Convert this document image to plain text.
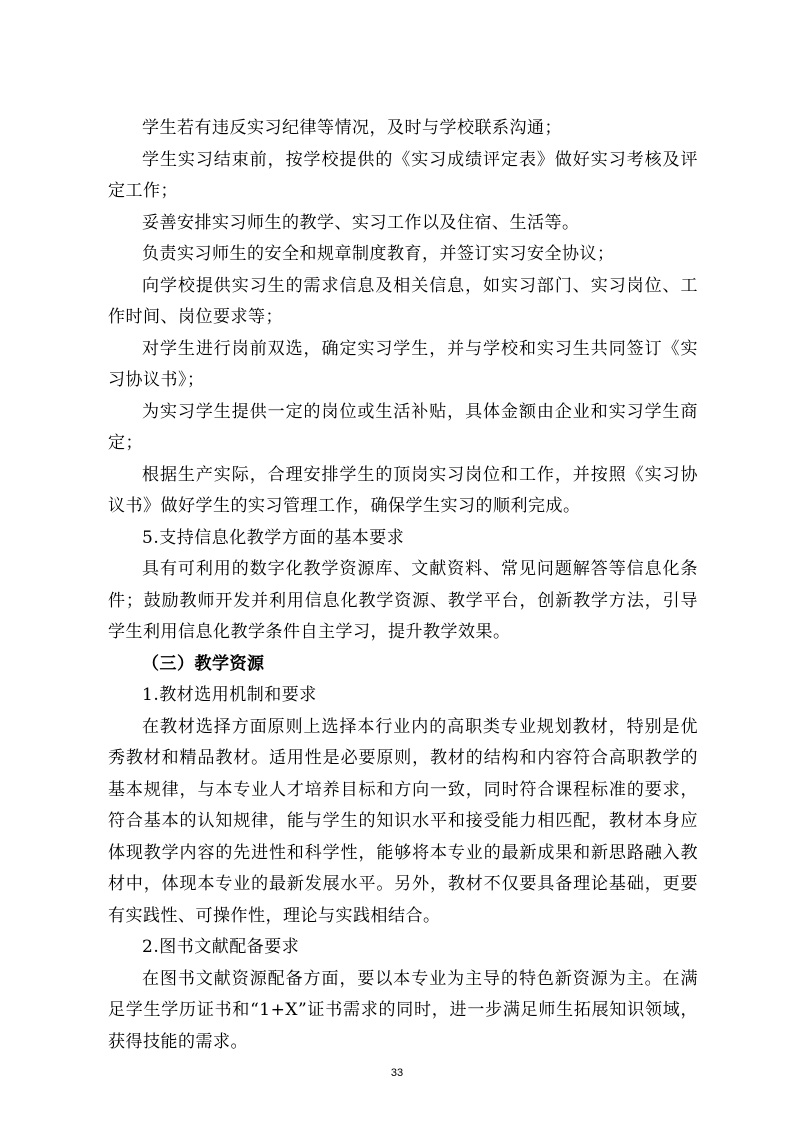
学生若有违反实习纪律等情况，及时与学校联系沟通；

学生实习结束前，按学校提供的《实习成绩评定表》做好实习考核及评定工作；

妥善安排实习师生的教学、实习工作以及住宿、生活等。

负责实习师生的安全和规章制度教育，并签订实习安全协议；

向学校提供实习生的需求信息及相关信息，如实习部门、实习岗位、工作时间、岗位要求等；

对学生进行岗前双选，确定实习学生，并与学校和实习生共同签订《实习协议书》；

为实习学生提供一定的岗位或生活补贴，具体金额由企业和实习学生商定；

根据生产实际，合理安排学生的顶岗实习岗位和工作，并按照《实习协议书》做好学生的实习管理工作，确保学生实习的顺利完成。

5.支持信息化教学方面的基本要求

具有可利用的数字化教学资源库、文献资料、常见问题解答等信息化条件；鼓励教师开发并利用信息化教学资源、教学平台，创新教学方法，引导学生利用信息化教学条件自主学习，提升教学效果。

（三）教学资源

1.教材选用机制和要求

在教材选择方面原则上选择本行业内的高职类专业规划教材，特别是优秀教材和精品教材。适用性是必要原则，教材的结构和内容符合高职教学的基本规律，与本专业人才培养目标和方向一致，同时符合课程标准的要求，符合基本的认知规律，能与学生的知识水平和接受能力相匹配，教材本身应体现教学内容的先进性和科学性，能够将本专业的最新成果和新思路融入教材中，体现本专业的最新发展水平。另外，教材不仅要具备理论基础，更要有实践性、可操作性，理论与实践相结合。

2.图书文献配备要求

在图书文献资源配备方面，要以本专业为主导的特色新资源为主。在满足学生学历证书和“1+X”证书需求的同时，进一步满足师生拓展知识领域，获得技能的需求。

33
